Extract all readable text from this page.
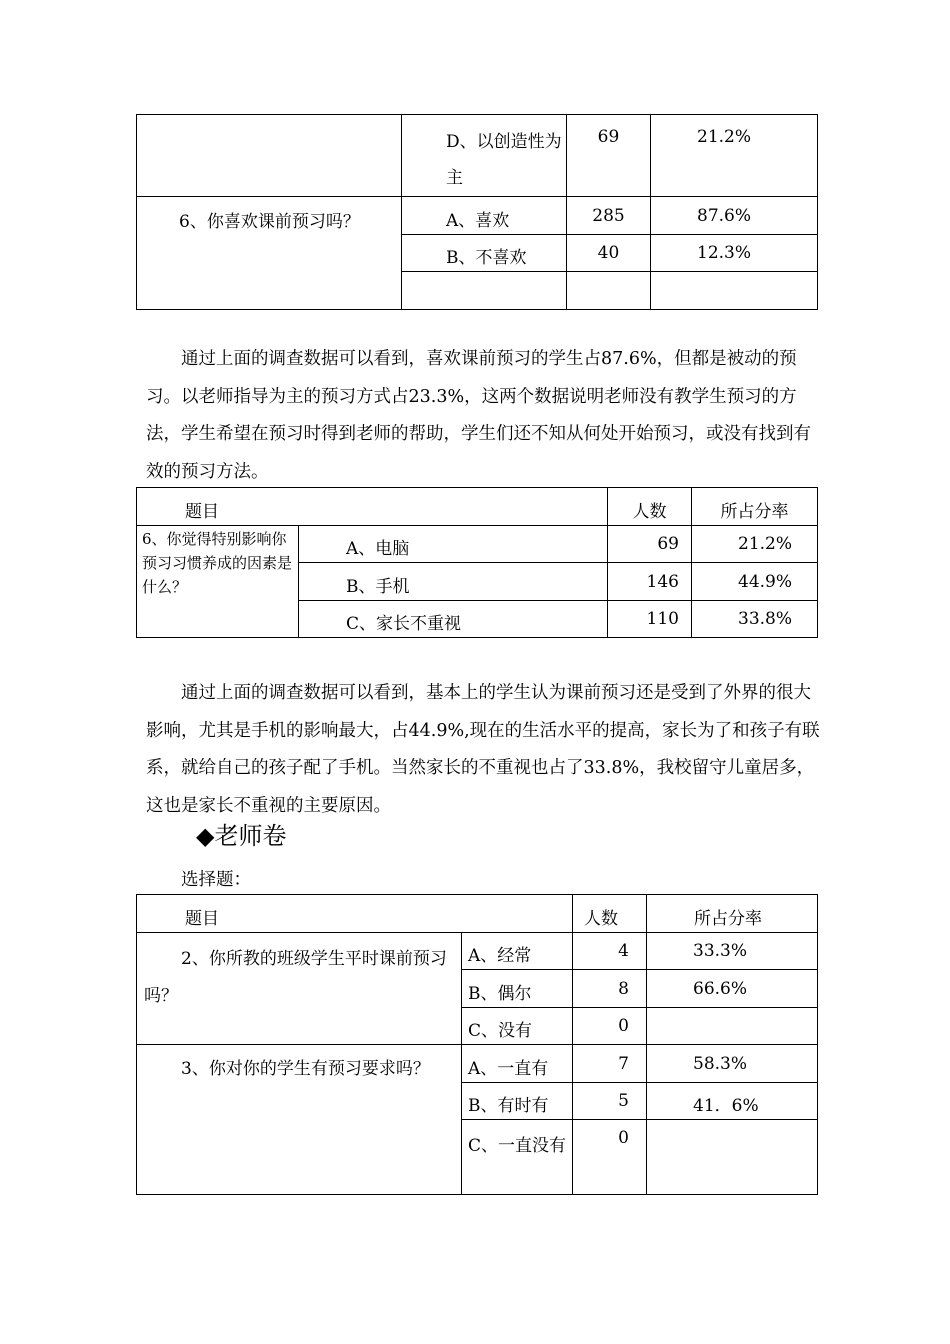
	D、以创造性为主	69	21.2%
6、你喜欢课前预习吗？	A、喜欢	285	87.6%
	B、不喜欢	40	12.3%

通过上面的调查数据可以看到，喜欢课前预习的学生占87.6%，但都是被动的预习。以老师指导为主的预习方式占23.3%，这两个数据说明老师没有教学生预习的方法，学生希望在预习时得到老师的帮助，学生们还不知从何处开始预习，或没有找到有效的预习方法。
题目		人数	所占分率
6、你觉得特别影响你预习习惯养成的因素是什么？	A、电脑	69	21.2%
	B、手机	146	44.9%
	C、家长不重视	110	33.8%
通过上面的调查数据可以看到，基本上的学生认为课前预习还是受到了外界的很大影响，尤其是手机的影响最大，占44.9%,现在的生活水平的提高，家长为了和孩子有联系，就给自己的孩子配了手机。当然家长的不重视也占了33.8%，我校留守儿童居多，这也是家长不重视的主要原因。
◆老师卷
选择题：
题目		人数	所占分率
2、你所教的班级学生平时课前预习吗？	A、经常	4	33.3%
	B、偶尔	8	66.6%
	C、没有	0	
3、你对你的学生有预习要求吗？	A、一直有	7	58.3%
	B、有时有	5	41．6%
	C、一直没有	0	
